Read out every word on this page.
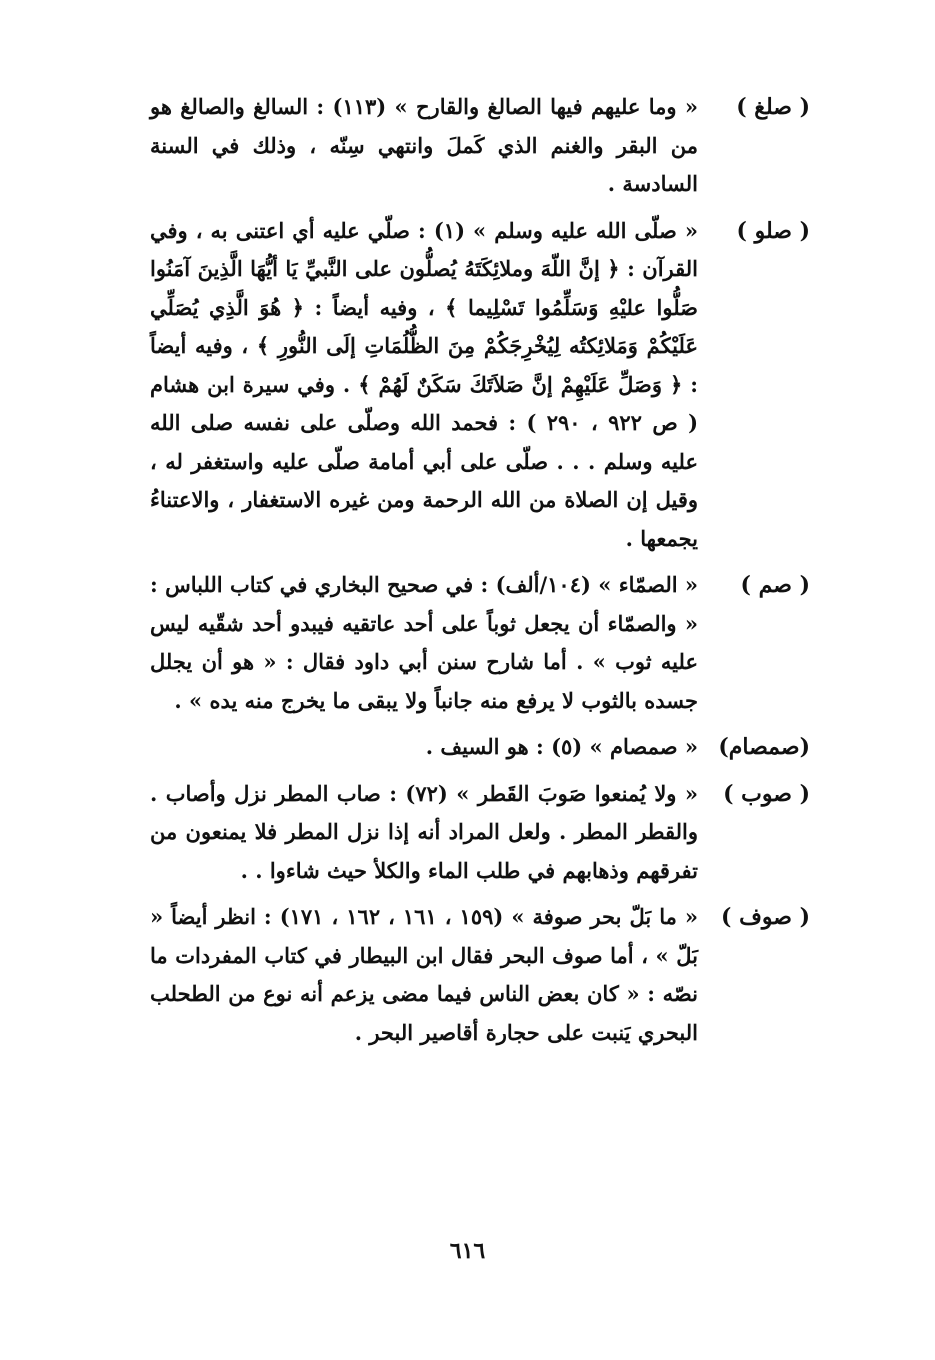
( صلغ )
« وما عليهم فيها الصالغ والقارح » (١١٣) : السالغ والصالغ هو من البقر والغنم الذي كَملَ وانتهي سِنّه ، وذلك في السنة السادسة .
( صلو )
« صلّى الله عليه وسلم » (١) : صلّي عليه أي اعتنى به ، وفي القرآن : ﴿ إنَّ اللّهَ وملائِكَتَهُ يُصلُّون على النَّبيِّ يَا أيُّهَا الَّذِينَ آمَنُوا صَلُّوا عليْهِ وَسَلِّمُوا تَسْلِيما ﴾ ، وفيه أيضاً : ﴿ هُوَ الَّذِي يُصَلِّي عَلَيْكُمْ وَمَلائِكتُه لِيُخْرِجَكُمْ مِنَ الظُّلُمَاتِ إلَى النُّورِ ﴾ ، وفيه أيضاً : ﴿ وَصَلِّ عَلَيْهِمْ إنَّ صَلاَتَكَ سَكَنٌ لَهُمْ ﴾ . وفي سيرة ابن هشام ( ص ٩٢٢ ، ٢٩٠ ) : فحمد الله وصلّى على نفسه صلى الله عليه وسلم . . . صلّى على أبي أمامة صلّى عليه واستغفر له ، وقيل إن الصلاة من الله الرحمة ومن غيره الاستغفار ، والاعتناءُ يجمعها .
( صم )
« الصمّاء » (١٠٤/ألف) : في صحيح البخاري في كتاب اللباس : « والصمّاء أن يجعل ثوباً على أحد عاتقيه فيبدو أحد شقّيه ليس عليه ثوب » . أما شارح سنن أبي داود فقال : « هو أن يجلل جسده بالثوب لا يرفع منه جانباً ولا يبقى ما يخرج منه يده » .
(صمصام)
« صمصام » (٥) : هو السيف .
( صوب )
« ولا يُمنعوا صَوبَ القَطر » (٧٢) : صاب المطر نزل وأصاب . والقطر المطر . ولعل المراد أنه إذا نزل المطر فلا يمنعون من تفرقهم وذهابهم في طلب الماء والكلأ حيث شاءوا . .
( صوف )
« ما بَلّ بحر صوفة » (١٥٩ ، ١٦١ ، ١٦٢ ، ١٧١) : انظر أيضاً « بَلّ » ، أما صوف البحر فقال ابن البيطار في كتاب المفردات ما نصّه : « كان بعض الناس فيما مضى يزعم أنه نوع من الطحلب البحري يَنبت على حجارة أقاصير البحر .
٦١٦
